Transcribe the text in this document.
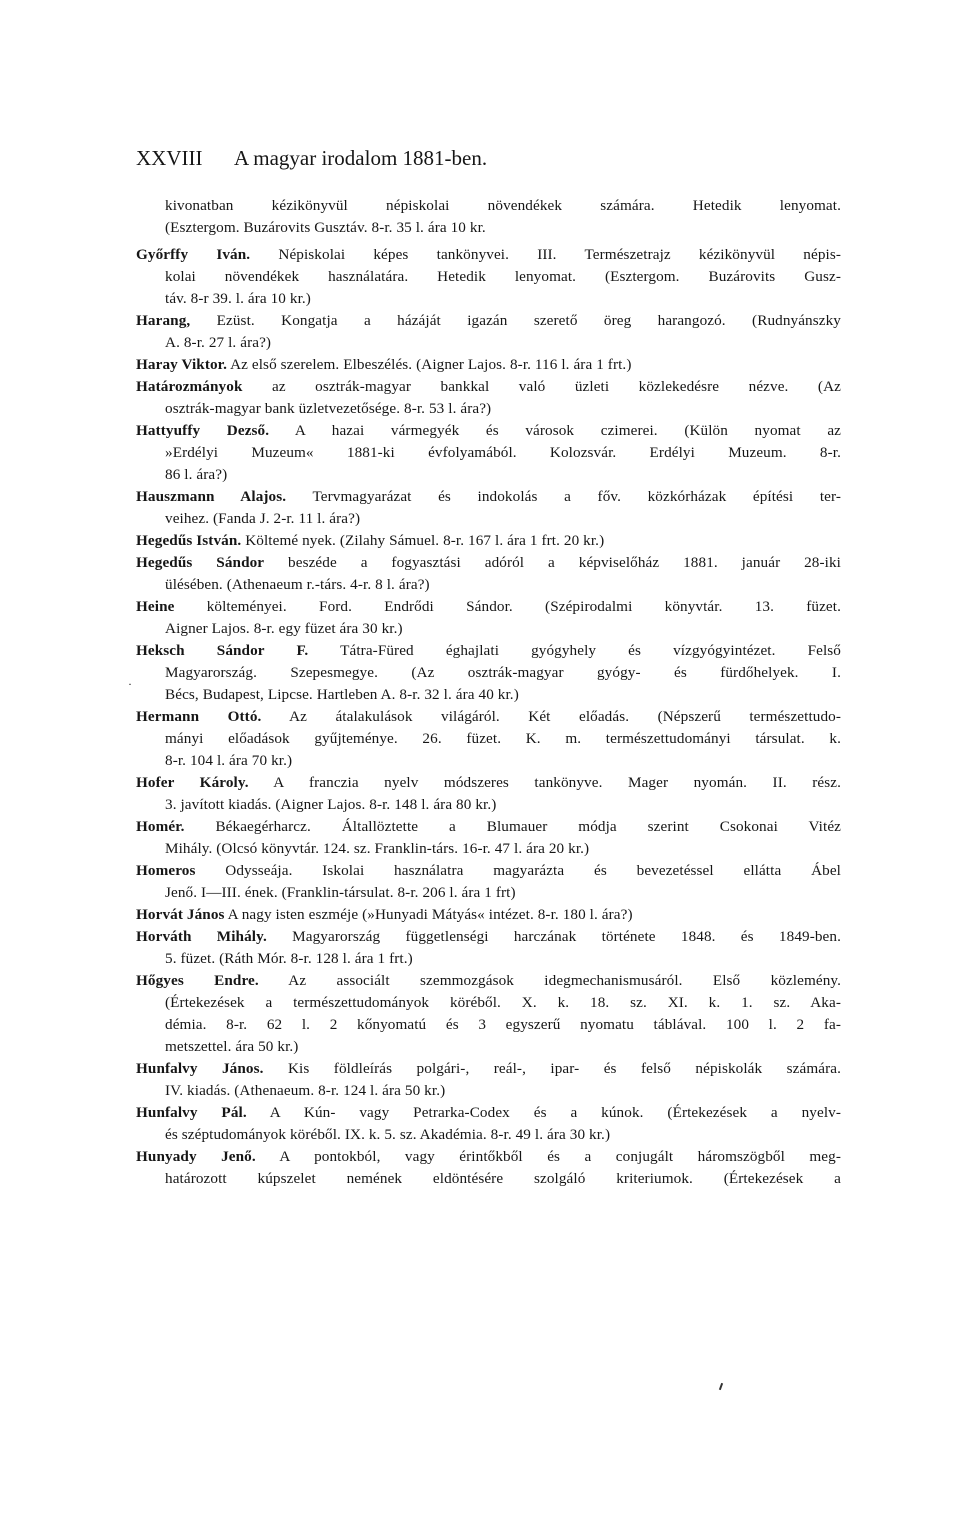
XXVIII A magyar irodalom 1881-ben.
kivonatban kézikönyvül népiskolai növendékek számára. Hetedik lenyomat.
(Esztergom. Buzárovits Gusztáv. 8-r. 35 l. ára 10 kr.
Győrffy Iván. Népiskolai képes tankönyvei. III. Természetrajz kézikönyvül népis-
kolai növendékek használatára. Hetedik lenyomat. (Esztergom. Buzárovits Gusz-
táv. 8-r 39. l. ára 10 kr.)
Harang, Ezüst. Kongatja a házáját igazán szerető öreg harangozó. (Rudnyánszky
A. 8-r. 27 l. ára?)
Haray Viktor. Az első szerelem. Elbeszélés. (Aigner Lajos. 8-r. 116 l. ára 1 frt.)
Határozmányok az osztrák-magyar bankkal való üzleti közlekedésre nézve. (Az
osztrák-magyar bank üzletvezetősége. 8-r. 53 l. ára?)
Hattyuffy Dezső. A hazai vármegyék és városok czimerei. (Külön nyomat az
»Erdélyi Muzeum« 1881-ki évfolyamából. Kolozsvár. Erdélyi Muzeum. 8-r.
86 l. ára?)
Hauszmann Alajos. Tervmagyarázat és indokolás a főv. közkórházak építési ter-
veihez. (Fanda J. 2-r. 11 l. ára?)
Hegedűs István. Költemé nyek. (Zilahy Sámuel. 8-r. 167 l. ára 1 frt. 20 kr.)
Hegedűs Sándor beszéde a fogyasztási adóról a képviselőház 1881. január 28-iki
ülésében. (Athenaeum r.-társ. 4-r. 8 l. ára?)
Heine költeményei. Ford. Endrődi Sándor. (Szépirodalmi könyvtár. 13. füzet.
Aigner Lajos. 8-r. egy füzet ára 30 kr.)
Heksch Sándor F. Tátra-Füred éghajlati gyógyhely és vízgyógyintézet. Felső
Magyarország. Szepesmegye. (Az osztrák-magyar gyógy- és fürdőhelyek. I.
Bécs, Budapest, Lipcse. Hartleben A. 8-r. 32 l. ára 40 kr.)
Hermann Ottó. Az átalakulások világáról. Két előadás. (Népszerű természettudo-
mányi előadások gyűjteménye. 26. füzet. K. m. természettudományi társulat. k.
8-r. 104 l. ára 70 kr.)
Hofer Károly. A franczia nyelv módszeres tankönyve. Mager nyomán. II. rész.
3. javított kiadás. (Aigner Lajos. 8-r. 148 l. ára 80 kr.)
Homér. Békaegérharcz. Általlöztette a Blumauer módja szerint Csokonai Vitéz
Mihály. (Olcsó könyvtár. 124. sz. Franklin-társ. 16-r. 47 l. ára 20 kr.)
Homeros Odysseája. Iskolai használatra magyarázta és bevezetéssel ellátta Ábel
Jenő. I—III. ének. (Franklin-társulat. 8-r. 206 l. ára 1 frt)
Horvát János A nagy isten eszméje (»Hunyadi Mátyás« intézet. 8-r. 180 l. ára?)
Horváth Mihály. Magyarország függetlenségi harczának története 1848. és 1849-ben.
5. füzet. (Ráth Mór. 8-r. 128 l. ára 1 frt.)
Hőgyes Endre. Az associált szemmozgások idegmechanismusáról. Első közlemény.
(Értekezések a természettudományok köréből. X. k. 18. sz. XI. k. 1. sz. Aka-
démia. 8-r. 62 l. 2 kőnyomatú és 3 egyszerű nyomatu táblával. 100 l. 2 fa-
metszettel. ára 50 kr.)
Hunfalvy János. Kis földleírás polgári-, reál-, ipar- és felső népiskolák számára.
IV. kiadás. (Athenaeum. 8-r. 124 l. ára 50 kr.)
Hunfalvy Pál. A Kún- vagy Petrarka-Codex és a kúnok. (Értekezések a nyelv-
és széptudományok köréből. IX. k. 5. sz. Akadémia. 8-r. 49 l. ára 30 kr.)
Hunyady Jenő. A pontokból, vagy érintőkből és a conjugált háromszögből meg-
határozott kúpszelet nemének eldöntésére szolgáló kriteriumok. (Értekezések a
·
